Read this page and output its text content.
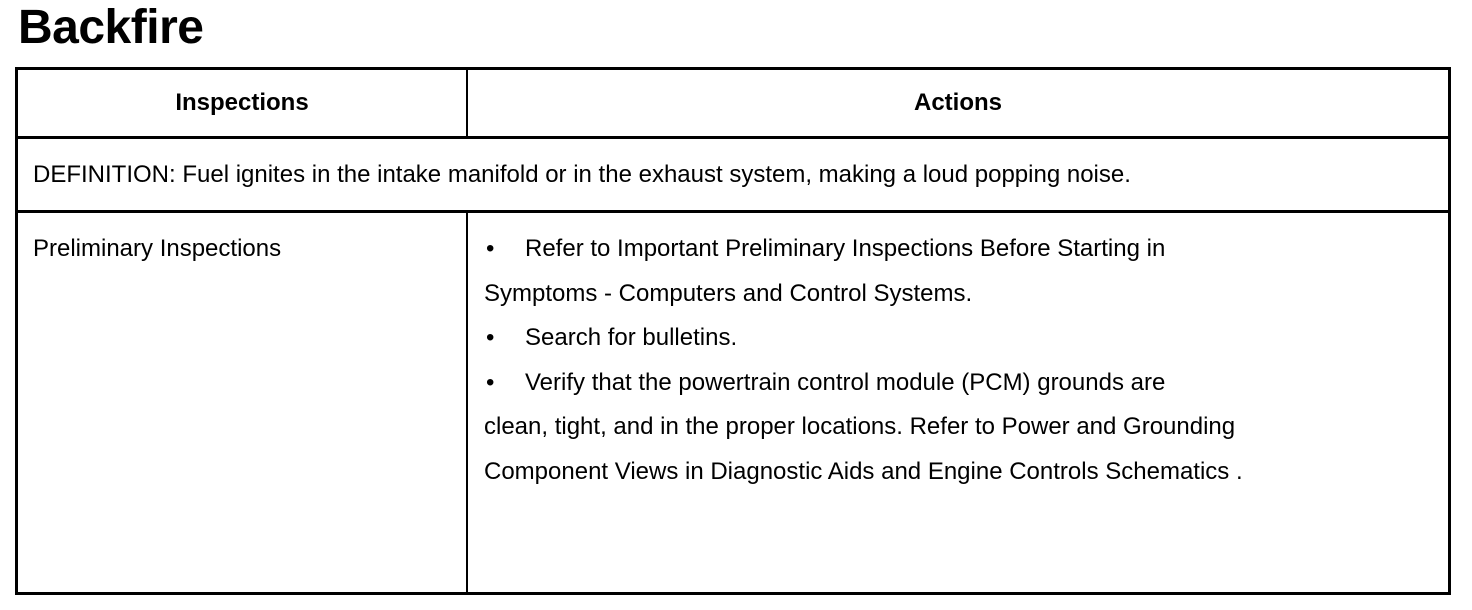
Backfire
Inspections	Actions
DEFINITION: Fuel ignites in the intake manifold or in the exhaust system, making a loud popping noise.
Preliminary Inspections	• Refer to Important Preliminary Inspections Before Starting in
Symptoms - Computers and Control Systems.
• Search for bulletins.
• Verify that the powertrain control module (PCM) grounds are
clean, tight, and in the proper locations. Refer to Power and Grounding
Component Views in Diagnostic Aids and Engine Controls Schematics .
